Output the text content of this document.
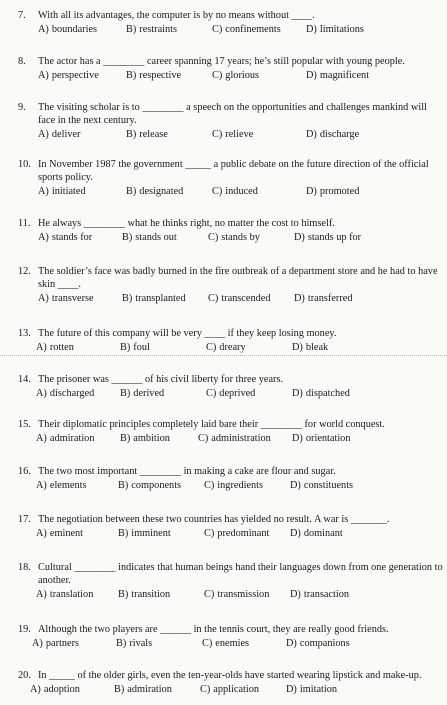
7. With all its advantages, the computer is by no means without ____.
A) boundaries	B) restraints	C) confinements D) limitations
8. The actor has a ________ career spanning 17 years; he’s still popular with young people.
A) perspective	B) respective	C) glorious	D) magnificent
9. The visiting scholar is to ________ a speech on the opportunities and challenges mankind will face in the next century.
A) deliver	B) release	C) relieve	D) discharge
10. In November 1987 the government _____ a public debate on the future direction of the official sports policy.
A) initiated	B) designated	C) induced	D) promoted
11. He always ________ what he thinks right, no matter the cost to himself.
A) stands for	B) stands out	C) stands by	D) stands up for
12. The soldier’s face was badly burned in the fire outbreak of a department store and he had to have skin ____.
A) transverse	B) transplanted C) transcended D) transferred
13. The future of this company will be very ____ if they keep losing money.
A) rotten	B) foul	C) dreary	D) bleak
14. The prisoner was ______ of his civil liberty for three years.
A) discharged B) derived	C) deprived	D) dispatched
15. Their diplomatic principles completely laid bare their ________ for world conquest.
A) admiration B) ambition	C) administration D) orientation
16. The two most important ________ in making a cake are flour and sugar.
A) elements	B) components C) ingredients	D) constituents
17. The negotiation between these two countries has yielded no result. A war is _______.
A) eminent	B) imminent	C) predominant D) dominant
18. Cultural ________ indicates that human beings hand their languages down from one generation to another.
A) translation B) transition	C) transmission D) transaction
19. Although the two players are ______ in the tennis court, they are really good friends.
A) partners	B) rivals	C) enemies	D) companions
20. In _____ of the older girls, even the ten-year-olds have started wearing lipstick and make-up.
A) adoption	B) admiration	C) application	D) imitation
